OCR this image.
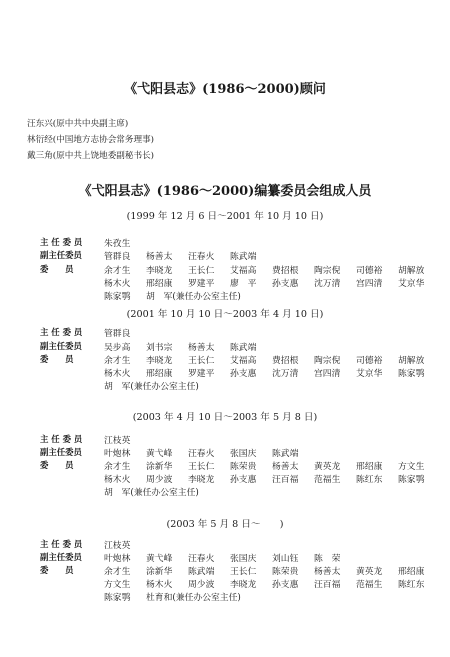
《弋阳县志》(1986～2000)顾问
汪东兴(原中共中央副主席)
林衍经(中国地方志协会常务理事)
戴三角(原中共上饶地委副秘书长)
《弋阳县志》(1986～2000)编纂委员会组成人员
(1999 年 12 月 6 日～2001 年 10 月 10 日)
主 任 委 员 朱孜生
副主任委员	管群良 杨善太 汪春火 陈武端
委　　员	余才生 李晓龙 王长仁 艾福高 费招根 陶宗倪 司德裕 胡解放
杨木火 邢绍康 罗建平 廖　平 孙支惠 沈万清 宫四清 艾京华
陈家鹗 胡　军(兼任办公室主任)
(2001 年 10 月 10 日～2003 年 4 月 10 日)
主 任 委 员 管群良
副主任委员	吴步高 刘书宗 杨善太 陈武端
委　　员	余才生 李晓龙 王长仁 艾福高 费招根 陶宗倪 司德裕 胡解放
杨木火 邢绍康 罗建平 孙支惠 沈万清 宫四清 艾京华 陈家鹗
胡　军(兼任办公室主任)
(2003 年 4 月 10 日～2003 年 5 月 8 日)
主 任 委 员 江枝英
副主任委员	叶炮林 黄弋峰 汪春火 张国庆 陈武端
委　　员	余才生 涂新华 王长仁 陈荣贵 杨善太 黄英龙 邢绍康 方文生
杨木火 周少波 李晓龙 孙支惠 汪百福 范福生 陈红东 陈家鹗
胡　军(兼任办公室主任)
(2003 年 5 月 8 日～　　)
主 任 委 员 江枝英
副主任委员	叶炮林 黄弋峰 汪春火 张国庆 刘山钰 陈　荣
委　　员	余才生 涂新华 陈武端 王长仁 陈荣贵 杨善太 黄英龙 邢绍康
方文生 杨木火 周少波 李晓龙 孙支惠 汪百福 范福生 陈红东
陈家鹗 杜育和(兼任办公室主任)
